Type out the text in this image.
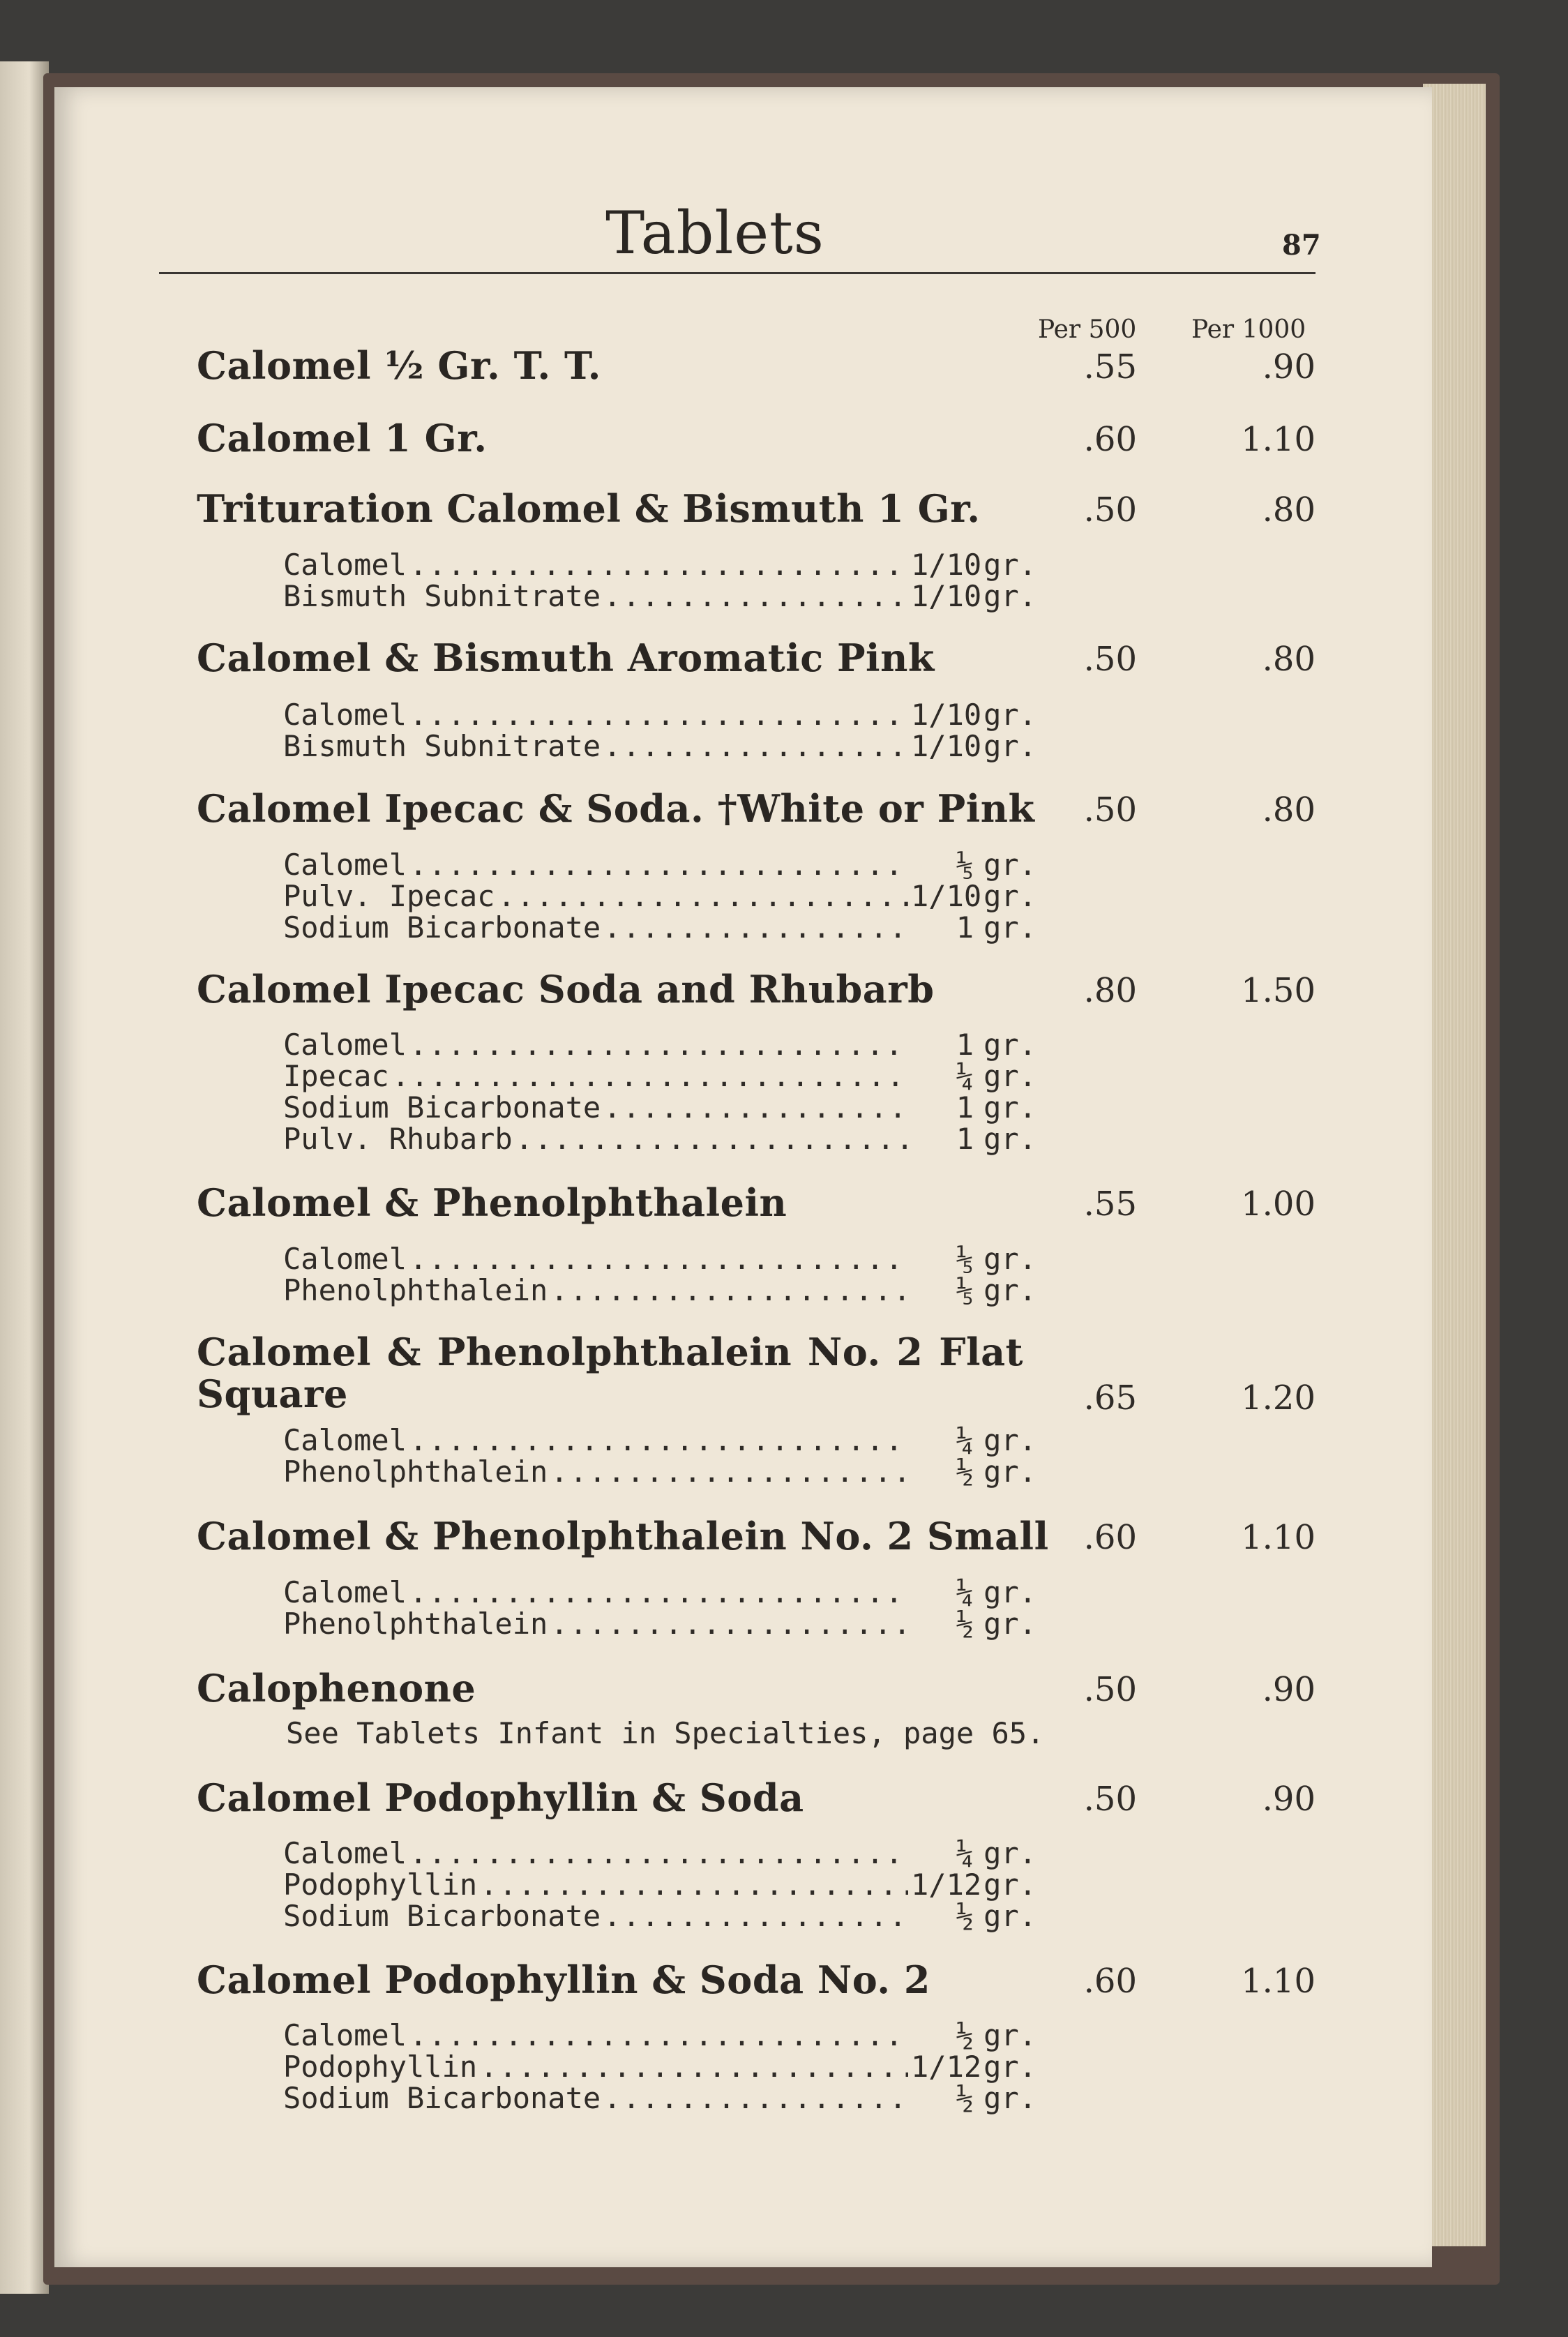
Tablets	87
Per 500 Per 1000
Calomel ½ Gr. T. T.	.55	.90
Calomel 1 Gr.	.60	1.10
Trituration Calomel & Bismuth 1 Gr.	.50	.80
Calomel .....	1/10 gr.
Bismuth Subnitrate .....	1/10 gr.
Calomel & Bismuth Aromatic Pink	.50	.80
Calomel .....	1/10 gr.
Bismuth Subnitrate .....	1/10 gr.
Calomel Ipecac & Soda. †White or Pink	.50	.80
Calomel .....	⅕ gr.
Pulv. Ipecac .....	1/10 gr.
Sodium Bicarbonate .....	1 gr.
Calomel Ipecac Soda and Rhubarb	.80	1.50
Calomel .....	1 gr.
Ipecac .....	¼ gr.
Sodium Bicarbonate .....	1 gr.
Pulv. Rhubarb .....	1 gr.
Calomel & Phenolphthalein	.55	1.00
Calomel .....	⅕ gr.
Phenolphthalein .....	⅕ gr.
Calomel & Phenolphthalein No. 2 Flat Square	.65	1.20
Calomel .....	¼ gr.
Phenolphthalein .....	½ gr.
Calomel & Phenolphthalein No. 2 Small	.60	1.10
Calomel .....	¼ gr.
Phenolphthalein .....	½ gr.
Calophenone	.50	.90
See Tablets Infant in Specialties, page 65.
Calomel Podophyllin & Soda	.50	.90
Calomel .....	¼ gr.
Podophyllin .....	1/12 gr.
Sodium Bicarbonate .....	½ gr.
Calomel Podophyllin & Soda No. 2	.60	1.10
Calomel .....	½ gr.
Podophyllin .....	1/12 gr.
Sodium Bicarbonate .....	½ gr.
